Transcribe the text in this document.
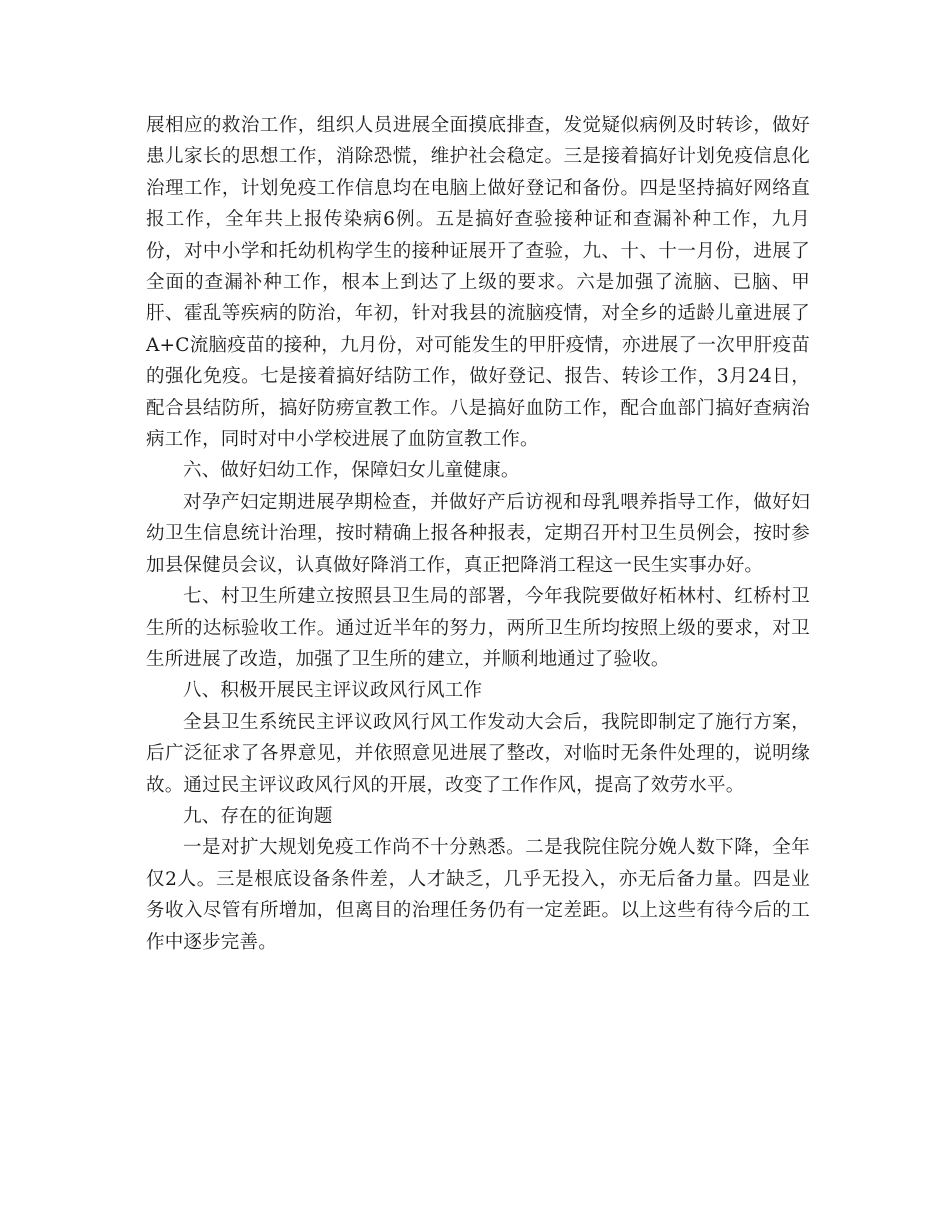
展相应的救治工作，组织人员进展全面摸底排查，发觉疑似病例及时转诊，做好患儿家长的思想工作，消除恐慌，维护社会稳定。三是接着搞好计划免疫信息化治理工作，计划免疫工作信息均在电脑上做好登记和备份。四是坚持搞好网络直报工作，全年共上报传染病6例。五是搞好查验接种证和查漏补种工作，九月份，对中小学和托幼机构学生的接种证展开了查验，九、十、十一月份，进展了全面的查漏补种工作，根本上到达了上级的要求。六是加强了流脑、已脑、甲肝、霍乱等疾病的防治，年初，针对我县的流脑疫情，对全乡的适龄儿童进展了A+C流脑疫苗的接种，九月份，对可能发生的甲肝疫情，亦进展了一次甲肝疫苗的强化免疫。七是接着搞好结防工作，做好登记、报告、转诊工作，3月24日，配合县结防所，搞好防痨宣教工作。八是搞好血防工作，配合血部门搞好查病治病工作，同时对中小学校进展了血防宣教工作。

六、做好妇幼工作，保障妇女儿童健康。

对孕产妇定期进展孕期检查，并做好产后访视和母乳喂养指导工作，做好妇幼卫生信息统计治理，按时精确上报各种报表，定期召开村卫生员例会，按时参加县保健员会议，认真做好降消工作，真正把降消工程这一民生实事办好。

七、村卫生所建立按照县卫生局的部署，今年我院要做好柘林村、红桥村卫生所的达标验收工作。通过近半年的努力，两所卫生所均按照上级的要求，对卫生所进展了改造，加强了卫生所的建立，并顺利地通过了验收。

八、积极开展民主评议政风行风工作

全县卫生系统民主评议政风行风工作发动大会后，我院即制定了施行方案，后广泛征求了各界意见，并依照意见进展了整改，对临时无条件处理的，说明缘故。通过民主评议政风行风的开展，改变了工作作风，提高了效劳水平。

九、存在的征询题

一是对扩大规划免疫工作尚不十分熟悉。二是我院住院分娩人数下降，全年仅2人。三是根底设备条件差，人才缺乏，几乎无投入，亦无后备力量。四是业务收入尽管有所增加，但离目的治理任务仍有一定差距。以上这些有待今后的工作中逐步完善。
